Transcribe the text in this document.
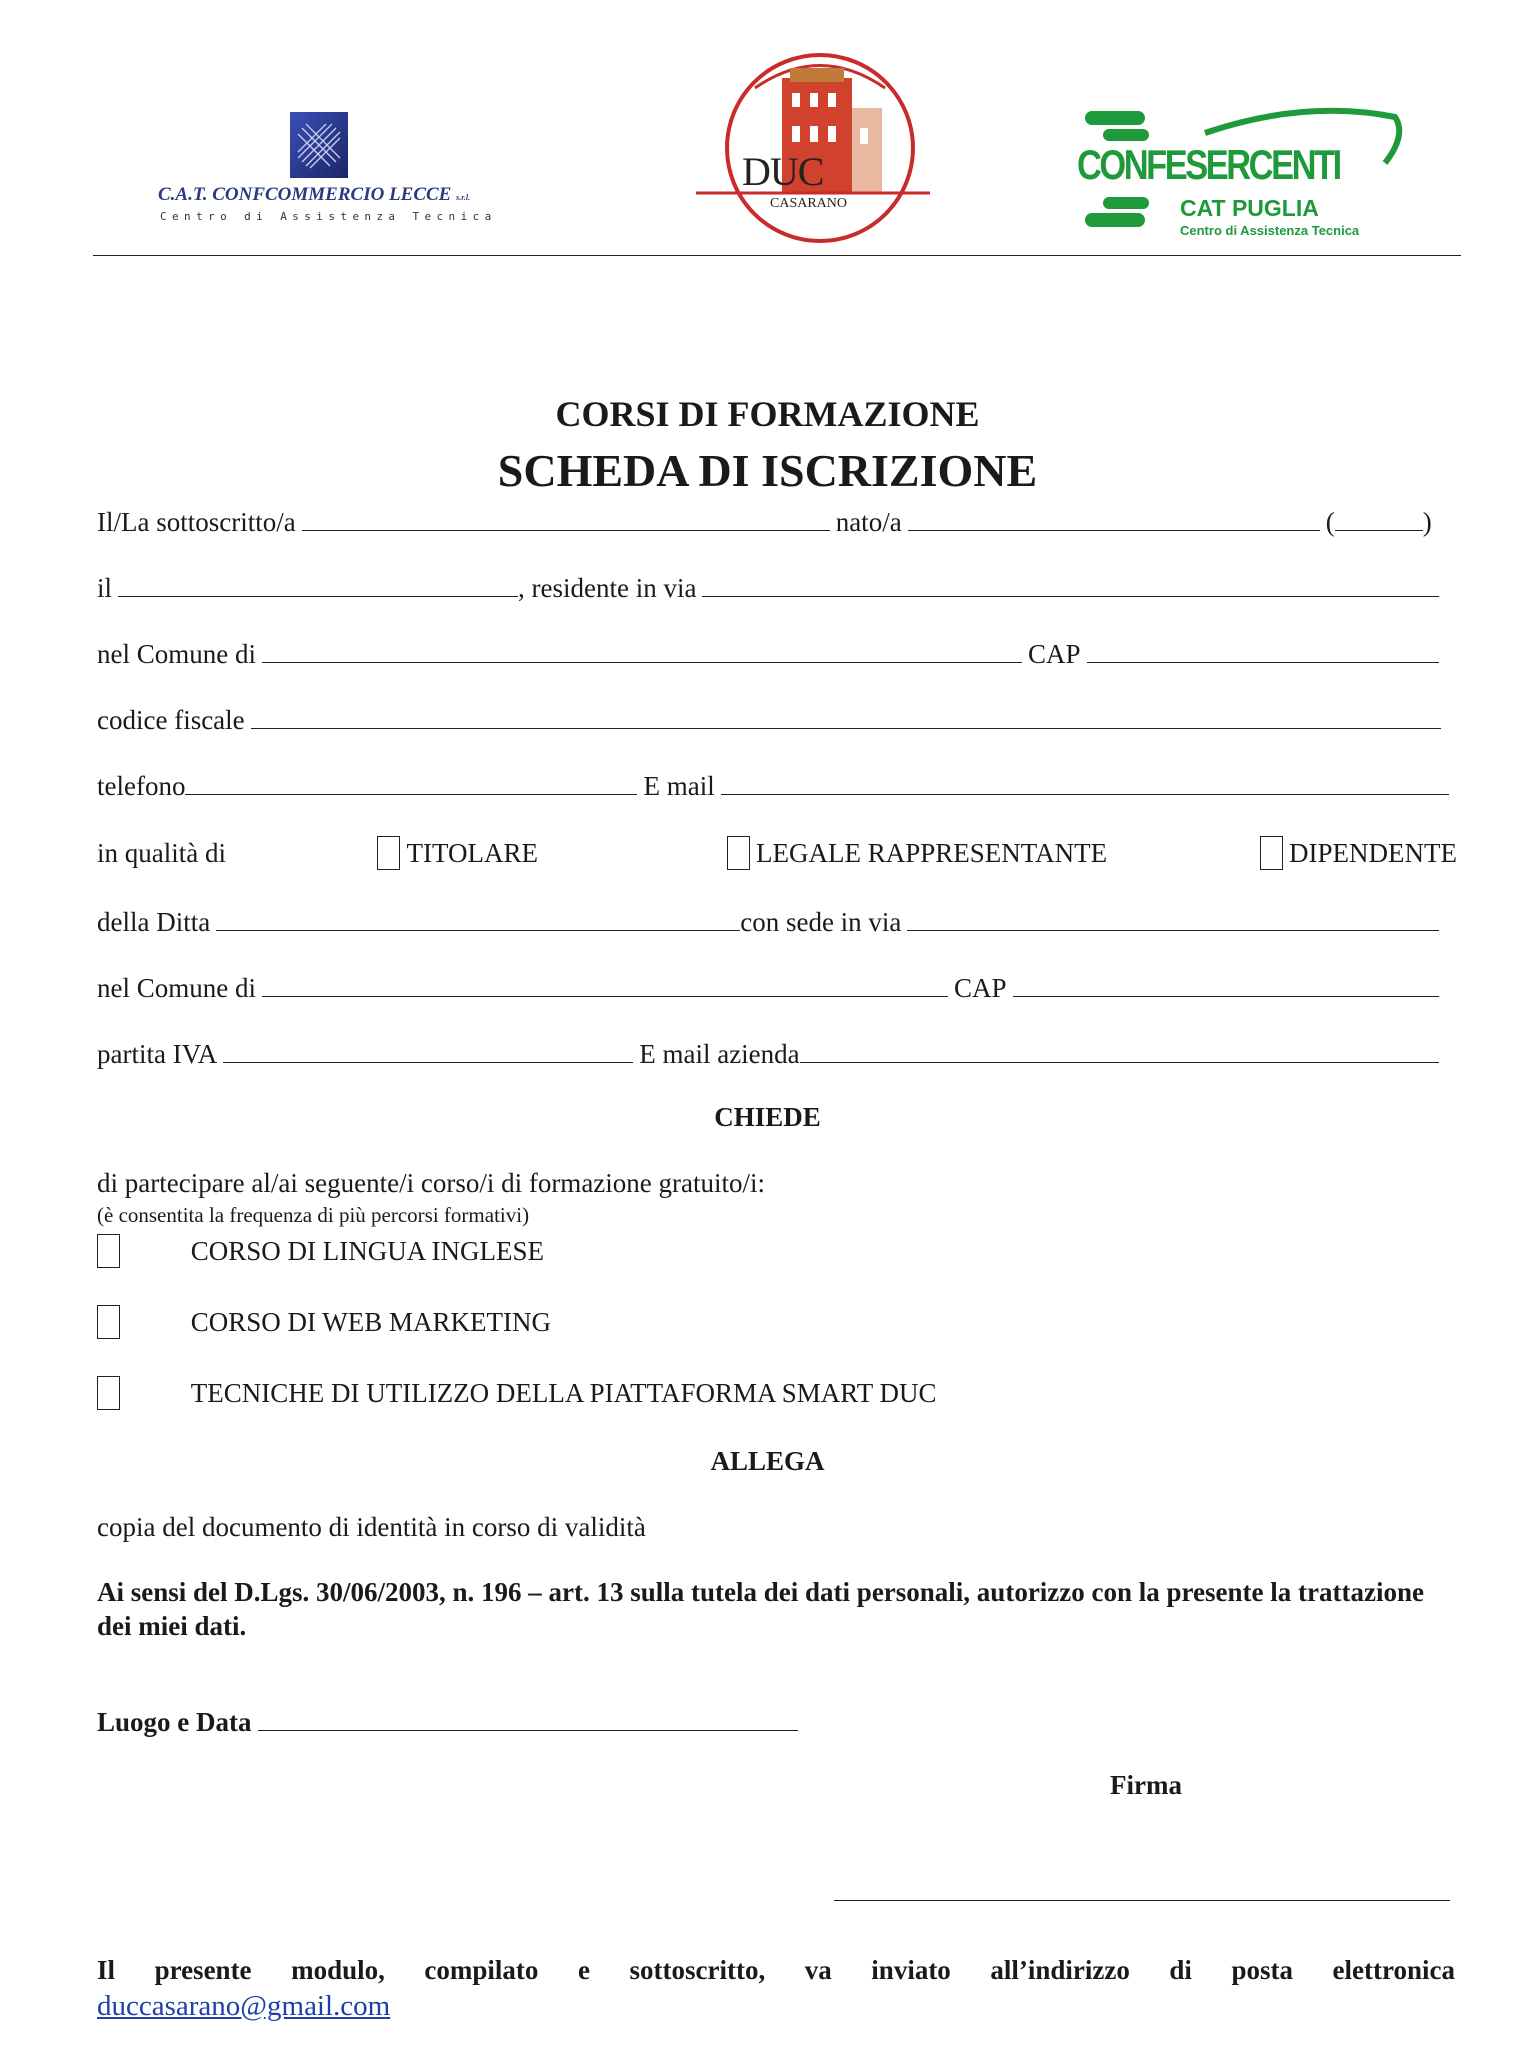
C.A.T. CONFCOMMERCIO LECCE s.r.l.
Centro di Assistenza Tecnica
DUC
CASARANO
CONFESERCENTI
CAT PUGLIA
Centro di Assistenza Tecnica
CORSI DI FORMAZIONE
SCHEDA DI ISCRIZIONE
Il/La sottoscritto/a	nato/a	(	)
il	, residente in via
nel Comune di	CAP
codice fiscale
telefono	E mail
in qualità di	TITOLARE	LEGALE RAPPRESENTANTE	DIPENDENTE
della Ditta	con sede in via
nel Comune di	CAP
partita IVA	E mail azienda
CHIEDE
di partecipare al/ai seguente/i corso/i di formazione gratuito/i:
(è consentita la frequenza di più percorsi formativi)
CORSO DI LINGUA INGLESE
CORSO DI WEB MARKETING
TECNICHE DI UTILIZZO DELLA PIATTAFORMA SMART DUC
ALLEGA
copia del documento di identità in corso di validità
Ai sensi del D.Lgs. 30/06/2003, n. 196 – art. 13 sulla tutela dei dati personali, autorizzo con la presente la trattazione dei miei dati.
Luogo e Data
Firma
Il presente modulo, compilato e sottoscritto, va inviato all’indirizzo di posta elettronica
duccasarano@gmail.com
